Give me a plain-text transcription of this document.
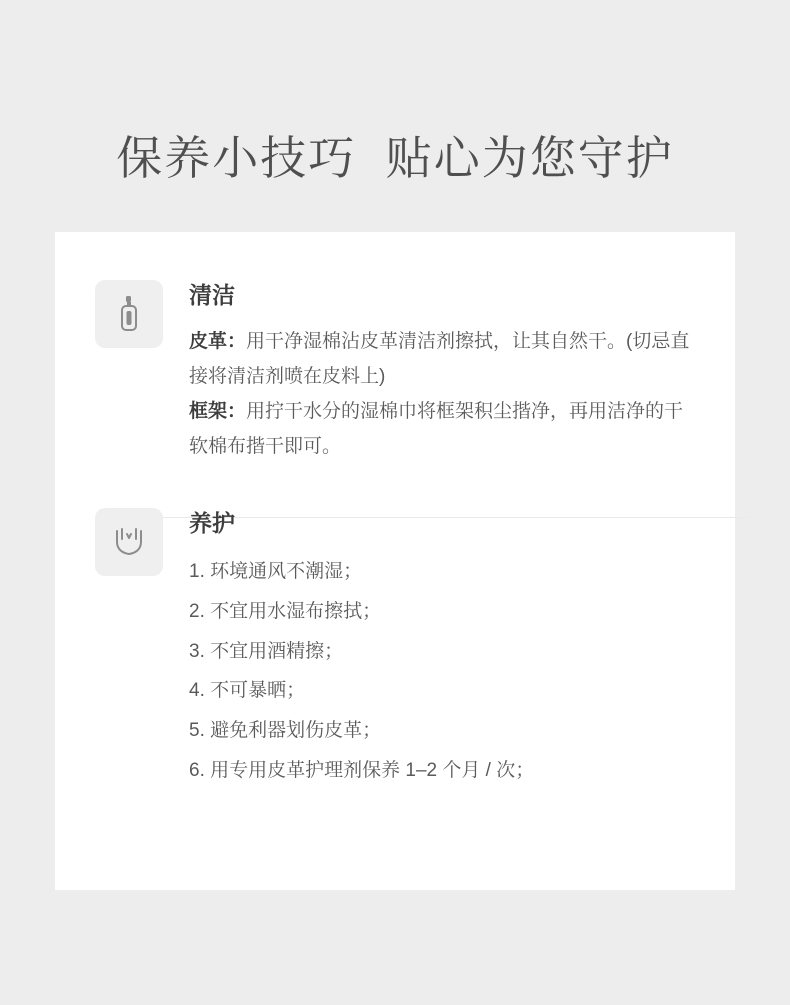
保养小技巧  贴心为您守护
清洁

皮革：用干净湿棉沾皮革清洁剂擦拭，让其自然干。(切忌直接将清洁剂喷在皮料上)

框架：用拧干水分的湿棉巾将框架积尘揩净，再用洁净的干软棉布揩干即可。

养护
1. 环境通风不潮湿；
2. 不宜用水湿布擦拭；
3. 不宜用酒精擦；
4. 不可暴晒；
5. 避免利器划伤皮革；
6. 用专用皮革护理剂保养 1–2 个月 / 次；
